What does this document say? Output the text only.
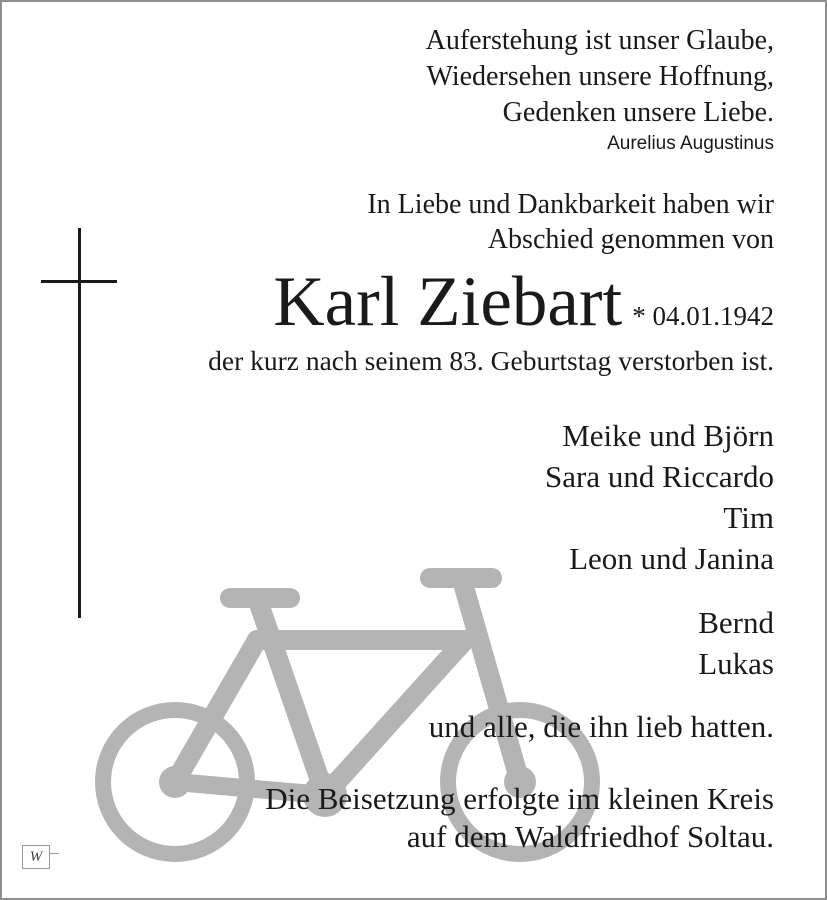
Auferstehung ist unser Glaube,
Wiedersehen unsere Hoffnung,
Gedenken unsere Liebe.
Aurelius Augustinus
In Liebe und Dankbarkeit haben wir
Abschied genommen von
Karl Ziebart * 04.01.1942
der kurz nach seinem 83. Geburtstag verstorben ist.
Meike und Björn
Sara und Riccardo
Tim
Leon und Janina
Bernd
Lukas
und alle, die ihn lieb hatten.
Die Beisetzung erfolgte im kleinen Kreis
auf dem Waldfriedhof Soltau.
W
